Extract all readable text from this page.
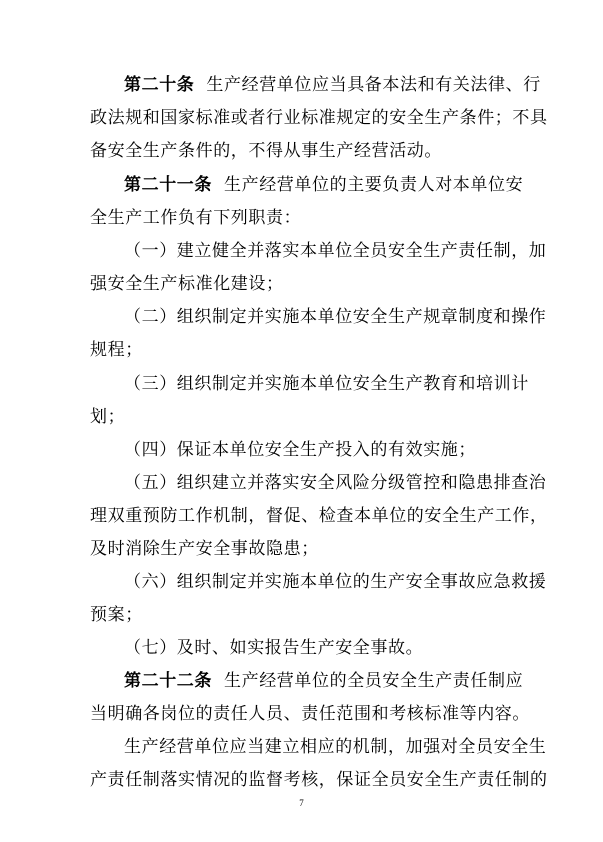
第二十条 生产经营单位应当具备本法和有关法律、行
政法规和国家标准或者行业标准规定的安全生产条件；不具
备安全生产条件的，不得从事生产经营活动。
第二十一条 生产经营单位的主要负责人对本单位安
全生产工作负有下列职责：
（一）建立健全并落实本单位全员安全生产责任制，加
强安全生产标准化建设；
（二）组织制定并实施本单位安全生产规章制度和操作
规程；
（三）组织制定并实施本单位安全生产教育和培训计
划；
（四）保证本单位安全生产投入的有效实施；
（五）组织建立并落实安全风险分级管控和隐患排查治
理双重预防工作机制，督促、检查本单位的安全生产工作，
及时消除生产安全事故隐患；
（六）组织制定并实施本单位的生产安全事故应急救援
预案；
（七）及时、如实报告生产安全事故。
第二十二条 生产经营单位的全员安全生产责任制应
当明确各岗位的责任人员、责任范围和考核标准等内容。
生产经营单位应当建立相应的机制，加强对全员安全生
产责任制落实情况的监督考核，保证全员安全生产责任制的
7
